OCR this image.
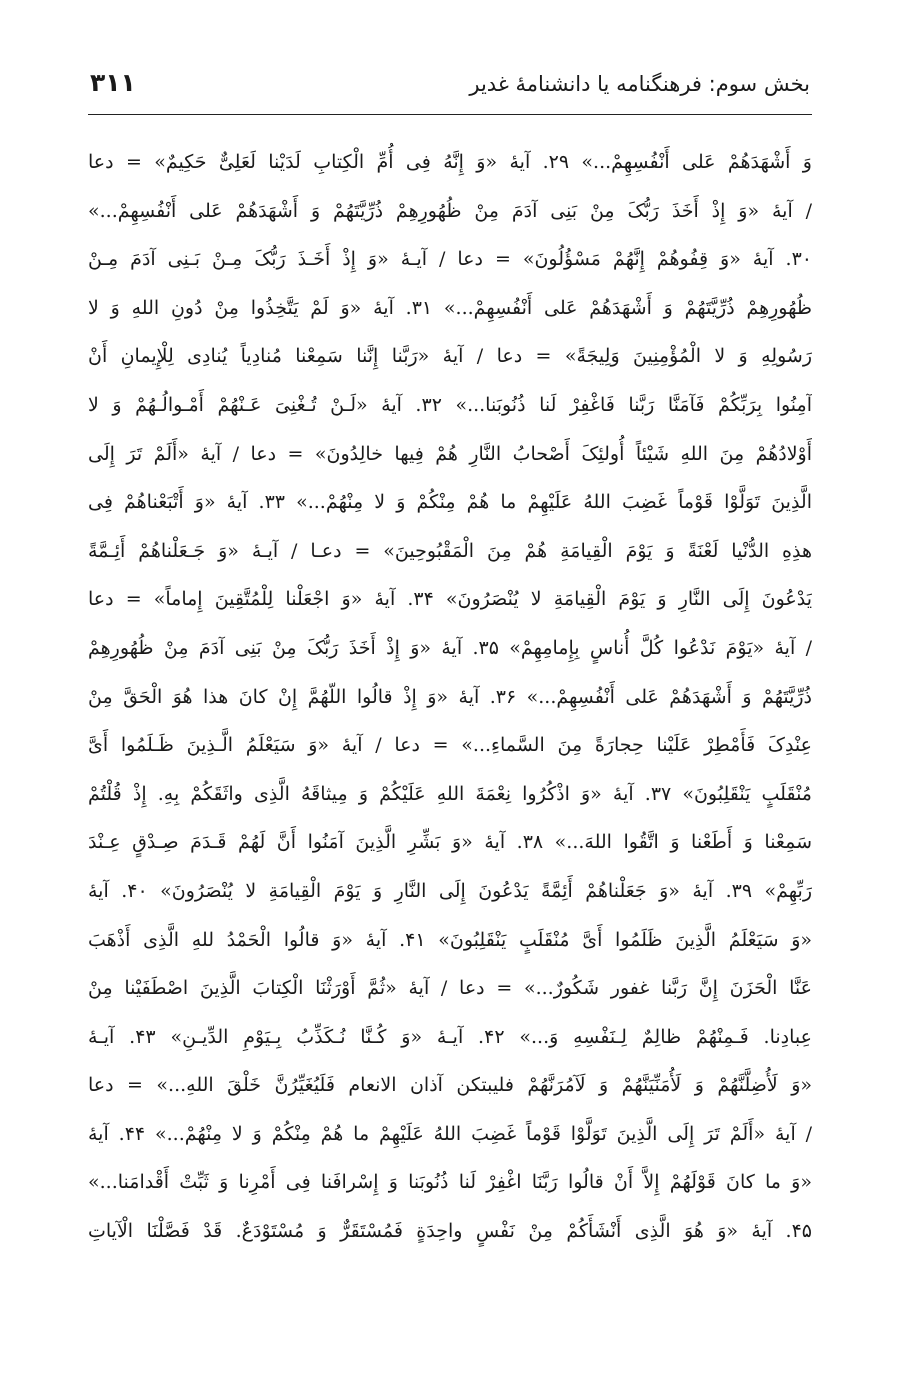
بخش سوم: فرهنگنامه یا دانشنامهٔ غدیر
۳۱۱
وَ أَشْهَدَهُمْ عَلی أَنْفُسِهِمْ...» ۲۹. آیهٔ «وَ إِنَّهُ فِی أُمِّ الْکِتابِ لَدَیْنا لَعَلِیٌّ حَکِیمٌ» = دعا
/ آیهٔ «وَ إِذْ أَخَذَ رَبُّکَ مِنْ بَنِی آدَمَ مِنْ ظُهُورِهِمْ ذُرِّیَّتَهُمْ وَ أَشْهَدَهُمْ عَلی أَنْفُسِهِمْ...»
۳۰. آیهٔ «وَ قِفُوهُمْ إِنَّهُمْ مَسْؤُلُونَ» = دعا / آیـهٔ «وَ إِذْ أَخَـذَ رَبُّکَ مِـنْ بَـنِی آدَمَ مِـنْ
ظُهُورِهِمْ ذُرِّیَّتَهُمْ وَ أَشْهَدَهُمْ عَلی أَنْفُسِهِمْ...» ۳۱. آیهٔ «وَ لَمْ یَتَّخِذُوا مِنْ دُونِ اللهِ وَ لا
رَسُولِهِ وَ لا الْمُؤْمِنِینَ وَلِیجَةً» = دعا / آیهٔ «رَبَّنا إِنَّنا سَمِعْنا مُنادِیاً یُنادِی لِلْإِیمانِ أَنْ
آمِنُوا بِرَبِّکُمْ فَآمَنَّا رَبَّنا فَاغْفِرْ لَنا ذُنُوبَنا...» ۳۲. آیهٔ «لَـنْ تُـغْنِیَ عَـنْهُمْ أَمْـوالُـهُمْ وَ لا
أَوْلادُهُمْ مِنَ اللهِ شَیْئاً أُولئِکَ أَصْحابُ النَّارِ هُمْ فِیها خالِدُونَ» = دعا / آیهٔ «أَلَمْ تَرَ إِلَی
الَّذِینَ تَوَلَّوْا قَوْماً غَضِبَ اللهُ عَلَیْهِمْ ما هُمْ مِنْکُمْ وَ لا مِنْهُمْ...» ۳۳. آیهٔ «وَ أَتْبَعْناهُمْ فِی
هذِهِ الدُّنْیا لَعْنَةً وَ یَوْمَ الْقِیامَةِ هُمْ مِنَ الْمَقْبُوحِینَ» = دعـا / آیـهٔ «وَ جَـعَلْناهُمْ أَئِـمَّةً
یَدْعُونَ إِلَی النَّارِ وَ یَوْمَ الْقِیامَةِ لا یُنْصَرُونَ» ۳۴. آیهٔ «وَ اجْعَلْنا لِلْمُتَّقِینَ إِماماً» = دعا
/ آیهٔ «یَوْمَ نَدْعُوا کُلَّ أُناسٍ بِإِمامِهِمْ» ۳۵. آیهٔ «وَ إِذْ أَخَذَ رَبُّکَ مِنْ بَنِی آدَمَ مِنْ ظُهُورِهِمْ
ذُرِّیَّتَهُمْ وَ أَشْهَدَهُمْ عَلی أَنْفُسِهِمْ...» ۳۶. آیهٔ «وَ إِذْ قالُوا اللّهُمَّ إِنْ کانَ هذا هُوَ الْحَقَّ مِنْ
عِنْدِکَ فَأَمْطِرْ عَلَیْنا حِجارَةً مِنَ السَّماءِ...» = دعا / آیهٔ «وَ سَیَعْلَمُ الَّـذِینَ ظَـلَمُوا أَیَّ
مُنْقَلَبٍ یَنْقَلِبُونَ» ۳۷. آیهٔ «وَ اذْکُرُوا نِعْمَةَ اللهِ عَلَیْکُمْ وَ مِیثاقَهُ الَّذِی واثَقَکُمْ بِهِ. إِذْ قُلْتُمْ
سَمِعْنا وَ أَطَعْنا وَ اتَّقُوا اللهَ...» ۳۸. آیهٔ «وَ بَشِّرِ الَّذِینَ آمَنُوا أَنَّ لَهُمْ قَـدَمَ صِـدْقٍ عِـنْدَ
رَبِّهِمْ» ۳۹. آیهٔ «وَ جَعَلْناهُمْ أَئِمَّةً یَدْعُونَ إِلَی النَّارِ وَ یَوْمَ الْقِیامَةِ لا یُنْصَرُونَ» ۴۰. آیهٔ
«وَ سَیَعْلَمُ الَّذِینَ ظَلَمُوا أَیَّ مُنْقَلَبٍ یَنْقَلِبُونَ» ۴۱. آیهٔ «وَ قالُوا الْحَمْدُ للهِ الَّذِی أَذْهَبَ
عَنَّا الْحَزَنَ إِنَّ رَبَّنا غفور شَکُورٌ...» = دعا / آیهٔ «ثُمَّ أَوْرَثْنَا الْکِتابَ الَّذِینَ اصْطَفَیْنا مِنْ
عِبادِنا. فَـمِنْهُمْ ظالِمٌ لِـنَفْسِهِ وَ...» ۴۲. آیـهٔ «وَ کُـنَّا نُـکَذِّبُ بِـیَوْمِ الدِّیـنِ» ۴۳. آیـهٔ
«وَ لَأُضِلَّنَّهُمْ وَ لَأُمَنِّیَنَّهُمْ وَ لَآمُرَنَّهُمْ فلیبتکن آذان الانعام فَلَیُغَیِّرُنَّ خَلْقَ اللهِ...» = دعا
/ آیهٔ «أَلَمْ تَرَ إِلَی الَّذِینَ تَوَلَّوْا قَوْماً غَضِبَ اللهُ عَلَیْهِمْ ما هُمْ مِنْکُمْ وَ لا مِنْهُمْ...» ۴۴. آیهٔ
«وَ ما کانَ قَوْلَهُمْ إِلاَّ أَنْ قالُوا رَبَّنَا اغْفِرْ لَنا ذُنُوبَنا وَ إِسْرافَنا فِی أَمْرِنا وَ ثَبِّتْ أَقْدامَنا...»
۴۵. آیهٔ «وَ هُوَ الَّذِی أَنْشَأَکُمْ مِنْ نَفْسٍ واحِدَةٍ فَمُسْتَقَرٌّ وَ مُسْتَوْدَعٌ. قَدْ فَصَّلْنَا الْآیاتِ
